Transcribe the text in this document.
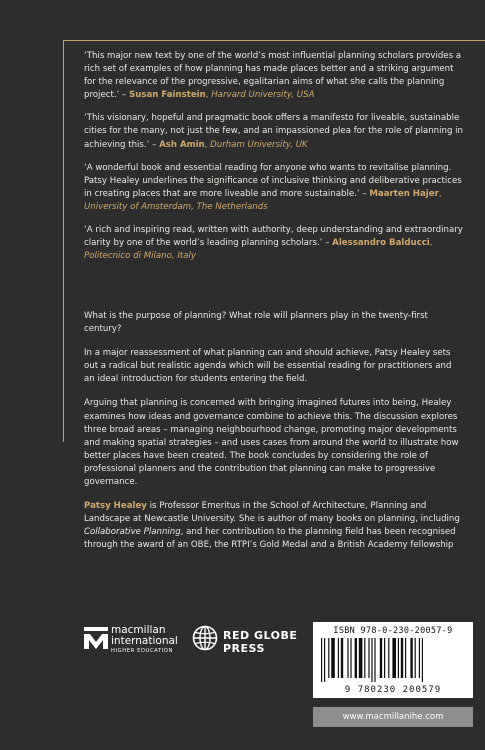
‘This major new text by one of the world’s most influential planning scholars provides a rich set of examples of how planning has made places better and a striking argument for the relevance of the progressive, egalitarian aims of what she calls the planning project.’ – Susan Fainstein, Harvard University, USA

‘This visionary, hopeful and pragmatic book offers a manifesto for liveable, sustainable cities for the many, not just the few, and an impassioned plea for the role of planning in achieving this.’ – Ash Amin, Durham University, UK

‘A wonderful book and essential reading for anyone who wants to revitalise planning. Patsy Healey underlines the significance of inclusive thinking and deliberative practices in creating places that are more liveable and more sustainable.’ – Maarten Hajer, University of Amsterdam, The Netherlands

‘A rich and inspiring read, written with authority, deep understanding and extraordinary clarity by one of the world’s leading planning scholars.’ – Alessandro Balducci, Politecnico di Milano, Italy

What is the purpose of planning? What role will planners play in the twenty-first century?

In a major reassessment of what planning can and should achieve, Patsy Healey sets out a radical but realistic agenda which will be essential reading for practitioners and an ideal introduction for students entering the field.

Arguing that planning is concerned with bringing imagined futures into being, Healey examines how ideas and governance combine to achieve this. The discussion explores three broad areas – managing neighbourhood change, promoting major developments and making spatial strategies – and uses cases from around the world to illustrate how better places have been created. The book concludes by considering the role of professional planners and the contribution that planning can make to progressive governance.

Patsy Healey is Professor Emeritus in the School of Architecture, Planning and Landscape at Newcastle University. She is author of many books on planning, including Collaborative Planning, and her contribution to the planning field has been recognised through the award of an OBE, the RTPI’s Gold Medal and a British Academy fellowship

macmillan
international
HIGHER EDUCATION
RED GLOBE
PRESS
ISBN 978-0-230-20057-9
9 780230 200579
www.macmillanihe.com
